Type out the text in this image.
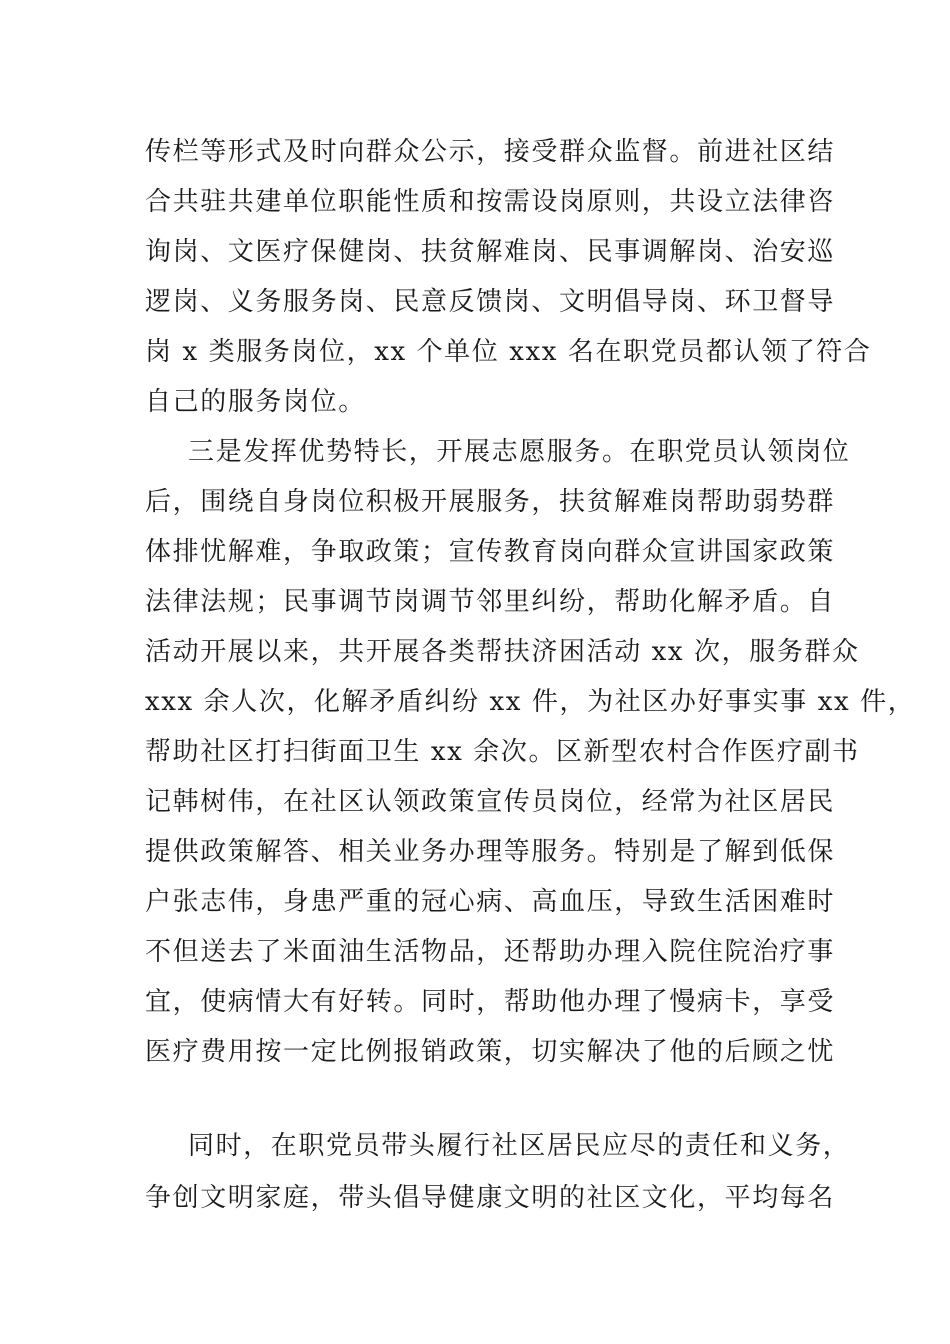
传栏等形式及时向群众公示，接受群众监督。前进社区结

合共驻共建单位职能性质和按需设岗原则，共设立法律咨

询岗、文医疗保健岗、扶贫解难岗、民事调解岗、治安巡

逻岗、义务服务岗、民意反馈岗、文明倡导岗、环卫督导

岗 x 类服务岗位，xx 个单位 xxx 名在职党员都认领了符合

自己的服务岗位。

三是发挥优势特长，开展志愿服务。在职党员认领岗位

后，围绕自身岗位积极开展服务，扶贫解难岗帮助弱势群

体排忧解难，争取政策；宣传教育岗向群众宣讲国家政策

法律法规；民事调节岗调节邻里纠纷，帮助化解矛盾。自

活动开展以来，共开展各类帮扶济困活动 xx 次，服务群众

xxx 余人次，化解矛盾纠纷 xx 件，为社区办好事实事 xx 件，

帮助社区打扫街面卫生 xx 余次。区新型农村合作医疗副书

记韩树伟，在社区认领政策宣传员岗位，经常为社区居民

提供政策解答、相关业务办理等服务。特别是了解到低保

户张志伟，身患严重的冠心病、高血压，导致生活困难时

不但送去了米面油生活物品，还帮助办理入院住院治疗事

宜，使病情大有好转。同时，帮助他办理了慢病卡，享受

医疗费用按一定比例报销政策，切实解决了他的后顾之忧

同时，在职党员带头履行社区居民应尽的责任和义务，

争创文明家庭，带头倡导健康文明的社区文化，平均每名
